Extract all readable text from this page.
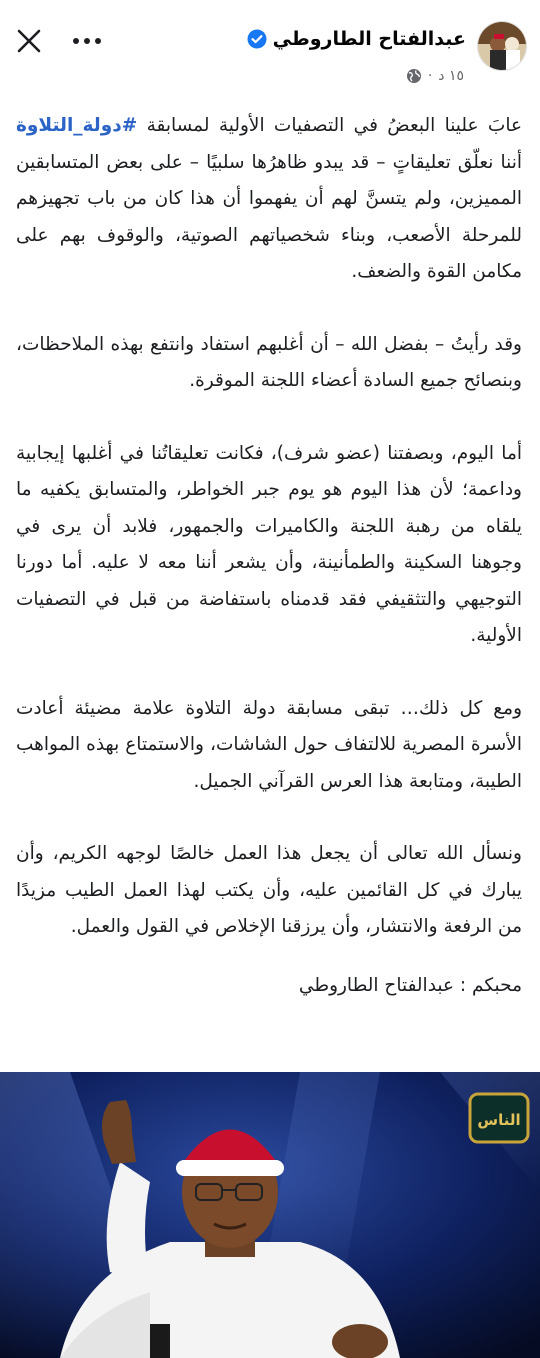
عبدالفتاح الطاروطي
١٥ د
·

عابَ علينا البعضُ في التصفيات الأولية لمسابقة #دولة_التلاوة أننا نعلّق تعليقاتٍ – قد يبدو ظاهرُها سلبيًا – على بعض المتسابقين المميزين، ولم يتسنَّ لهم أن يفهموا أن هذا كان من باب تجهيزهم للمرحلة الأصعب، وبناء شخصياتهم الصوتية، والوقوف بهم على مكامن القوة والضعف.

وقد رأيتُ – بفضل الله – أن أغلبهم استفاد وانتفع بهذه الملاحظات، وبنصائح جميع السادة أعضاء اللجنة الموقرة.

أما اليوم، وبصفتنا (عضو شرف)، فكانت تعليقاتُنا في أغلبها إيجابية وداعمة؛ لأن هذا اليوم هو يوم جبر الخواطر، والمتسابق يكفيه ما يلقاه من رهبة اللجنة والكاميرات والجمهور، فلابد أن يرى في وجوهنا السكينة والطمأنينة، وأن يشعر أننا معه لا عليه. أما دورنا التوجيهي والتثقيفي فقد قدمناه باستفاضة من قبل في التصفيات الأولية.

ومع كل ذلك… تبقى مسابقة دولة التلاوة علامة مضيئة أعادت الأسرة المصرية للالتفاف حول الشاشات، والاستمتاع بهذه المواهب الطيبة، ومتابعة هذا العرس القرآني الجميل.

ونسأل الله تعالى أن يجعل هذا العمل خالصًا لوجهه الكريم، وأن يبارك في كل القائمين عليه، وأن يكتب لهذا العمل الطيب مزيدًا من الرفعة والانتشار، وأن يرزقنا الإخلاص في القول والعمل.

محبكم : عبدالفتاح الطاروطي

الناس
